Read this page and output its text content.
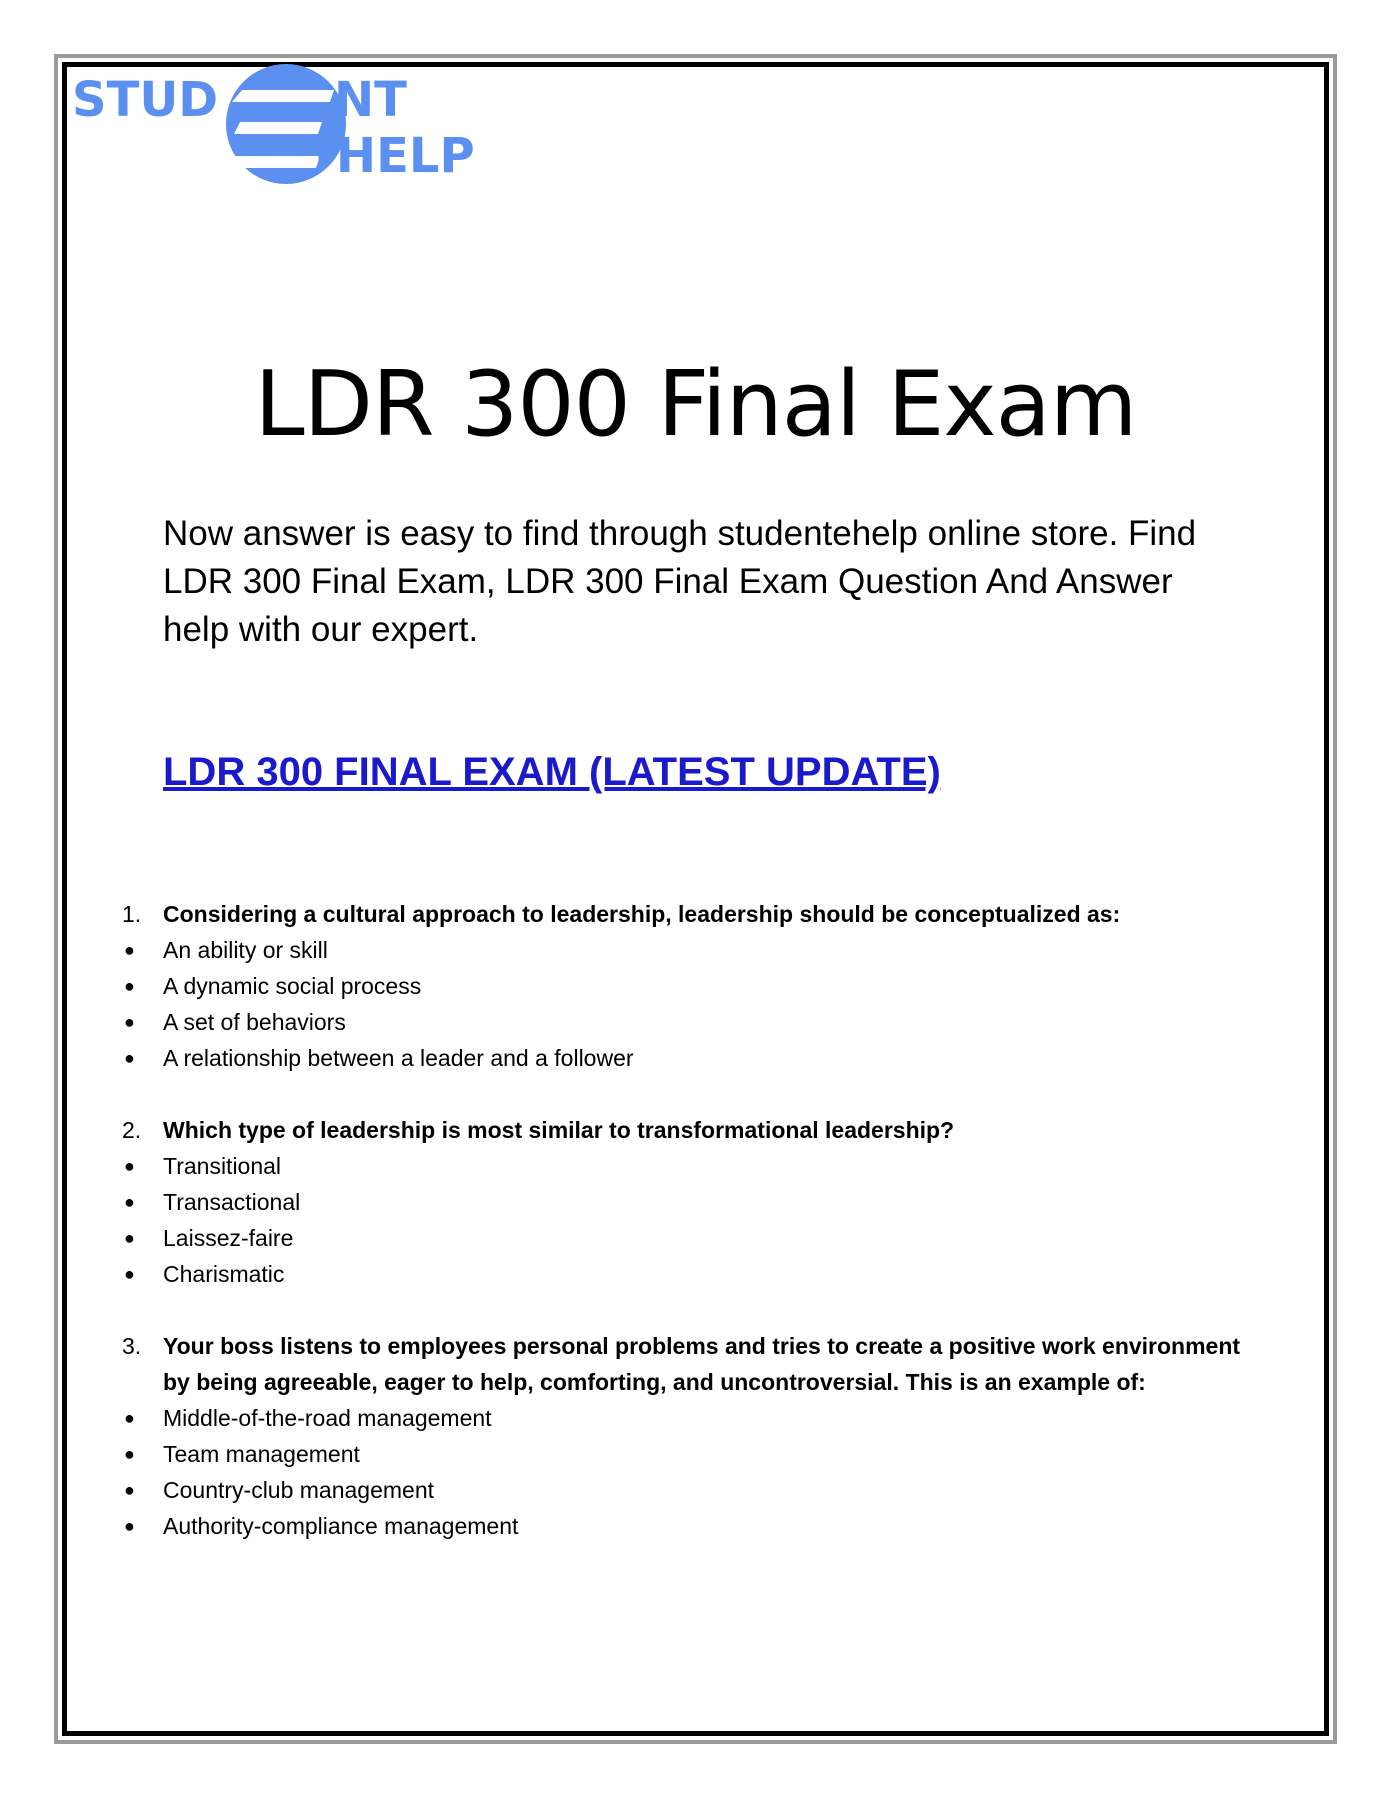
STUD NT
-HELP
LDR 300 Final Exam

Now answer is easy to find through studentehelp online store. Find LDR 300 Final Exam, LDR 300 Final Exam Question And Answer help with our expert.

LDR 300 FINAL EXAM (LATEST UPDATE)
1. Considering a cultural approach to leadership, leadership should be conceptualized as:
●	An ability or skill
●	A dynamic social process
●	A set of behaviors
●	A relationship between a leader and a follower
2. Which type of leadership is most similar to transformational leadership?
●	Transitional
●	Transactional
●	Laissez-faire
●	Charismatic
3. Your boss listens to employees personal problems and tries to create a positive work environment by being agreeable, eager to help, comforting, and uncontroversial. This is an example of:
●	Middle-of-the-road management
●	Team management
●	Country-club management
●	Authority-compliance management
